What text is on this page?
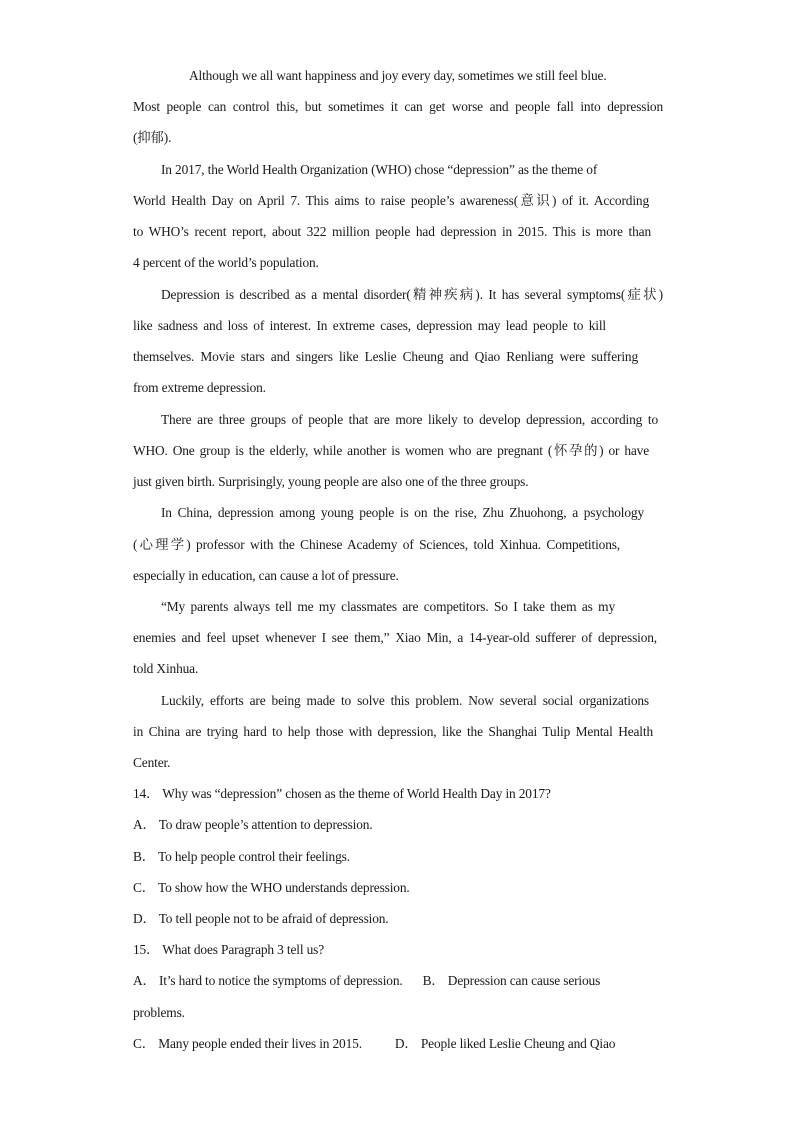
Although we all want happiness and joy every day, sometimes we still feel blue.
Most people can control this, but sometimes it can get worse and people fall into depression
(抑郁).
In 2017, the World Health Organization (WHO) chose “depression” as the theme of
World Health Day on April 7. This aims to raise people’s awareness(意识) of it. According
to WHO’s recent report, about 322 million people had depression in 2015. This is more than
4 percent of the world’s population.
Depression is described as a mental disorder(精神疾病). It has several symptoms(症状)
like sadness and loss of interest. In extreme cases, depression may lead people to kill
themselves. Movie stars and singers like Leslie Cheung and Qiao Renliang were suffering
from extreme depression.
There are three groups of people that are more likely to develop depression, according to
WHO. One group is the elderly, while another is women who are pregnant (怀孕的) or have
just given birth. Surprisingly, young people are also one of the three groups.
In China, depression among young people is on the rise, Zhu Zhuohong, a psychology
(心理学) professor with the Chinese Academy of Sciences, told Xinhua. Competitions,
especially in education, can cause a lot of pressure.
“My parents always tell me my classmates are competitors. So I take them as my
enemies and feel upset whenever I see them,” Xiao Min, a 14-year-old sufferer of depression,
told Xinhua.
Luckily, efforts are being made to solve this problem. Now several social organizations
in China are trying hard to help those with depression, like the Shanghai Tulip Mental Health
Center.
14． Why was “depression” chosen as the theme of World Health Day in 2017?
A． To draw people’s attention to depression.
B． To help people control their feelings.
C． To show how the WHO understands depression.
D． To tell people not to be afraid of depression.
15． What does Paragraph 3 tell us?
A． It’s hard to notice the symptoms of depression. B． Depression can cause serious
problems.
C． Many people ended their lives in 2015. D． People liked Leslie Cheung and Qiao
